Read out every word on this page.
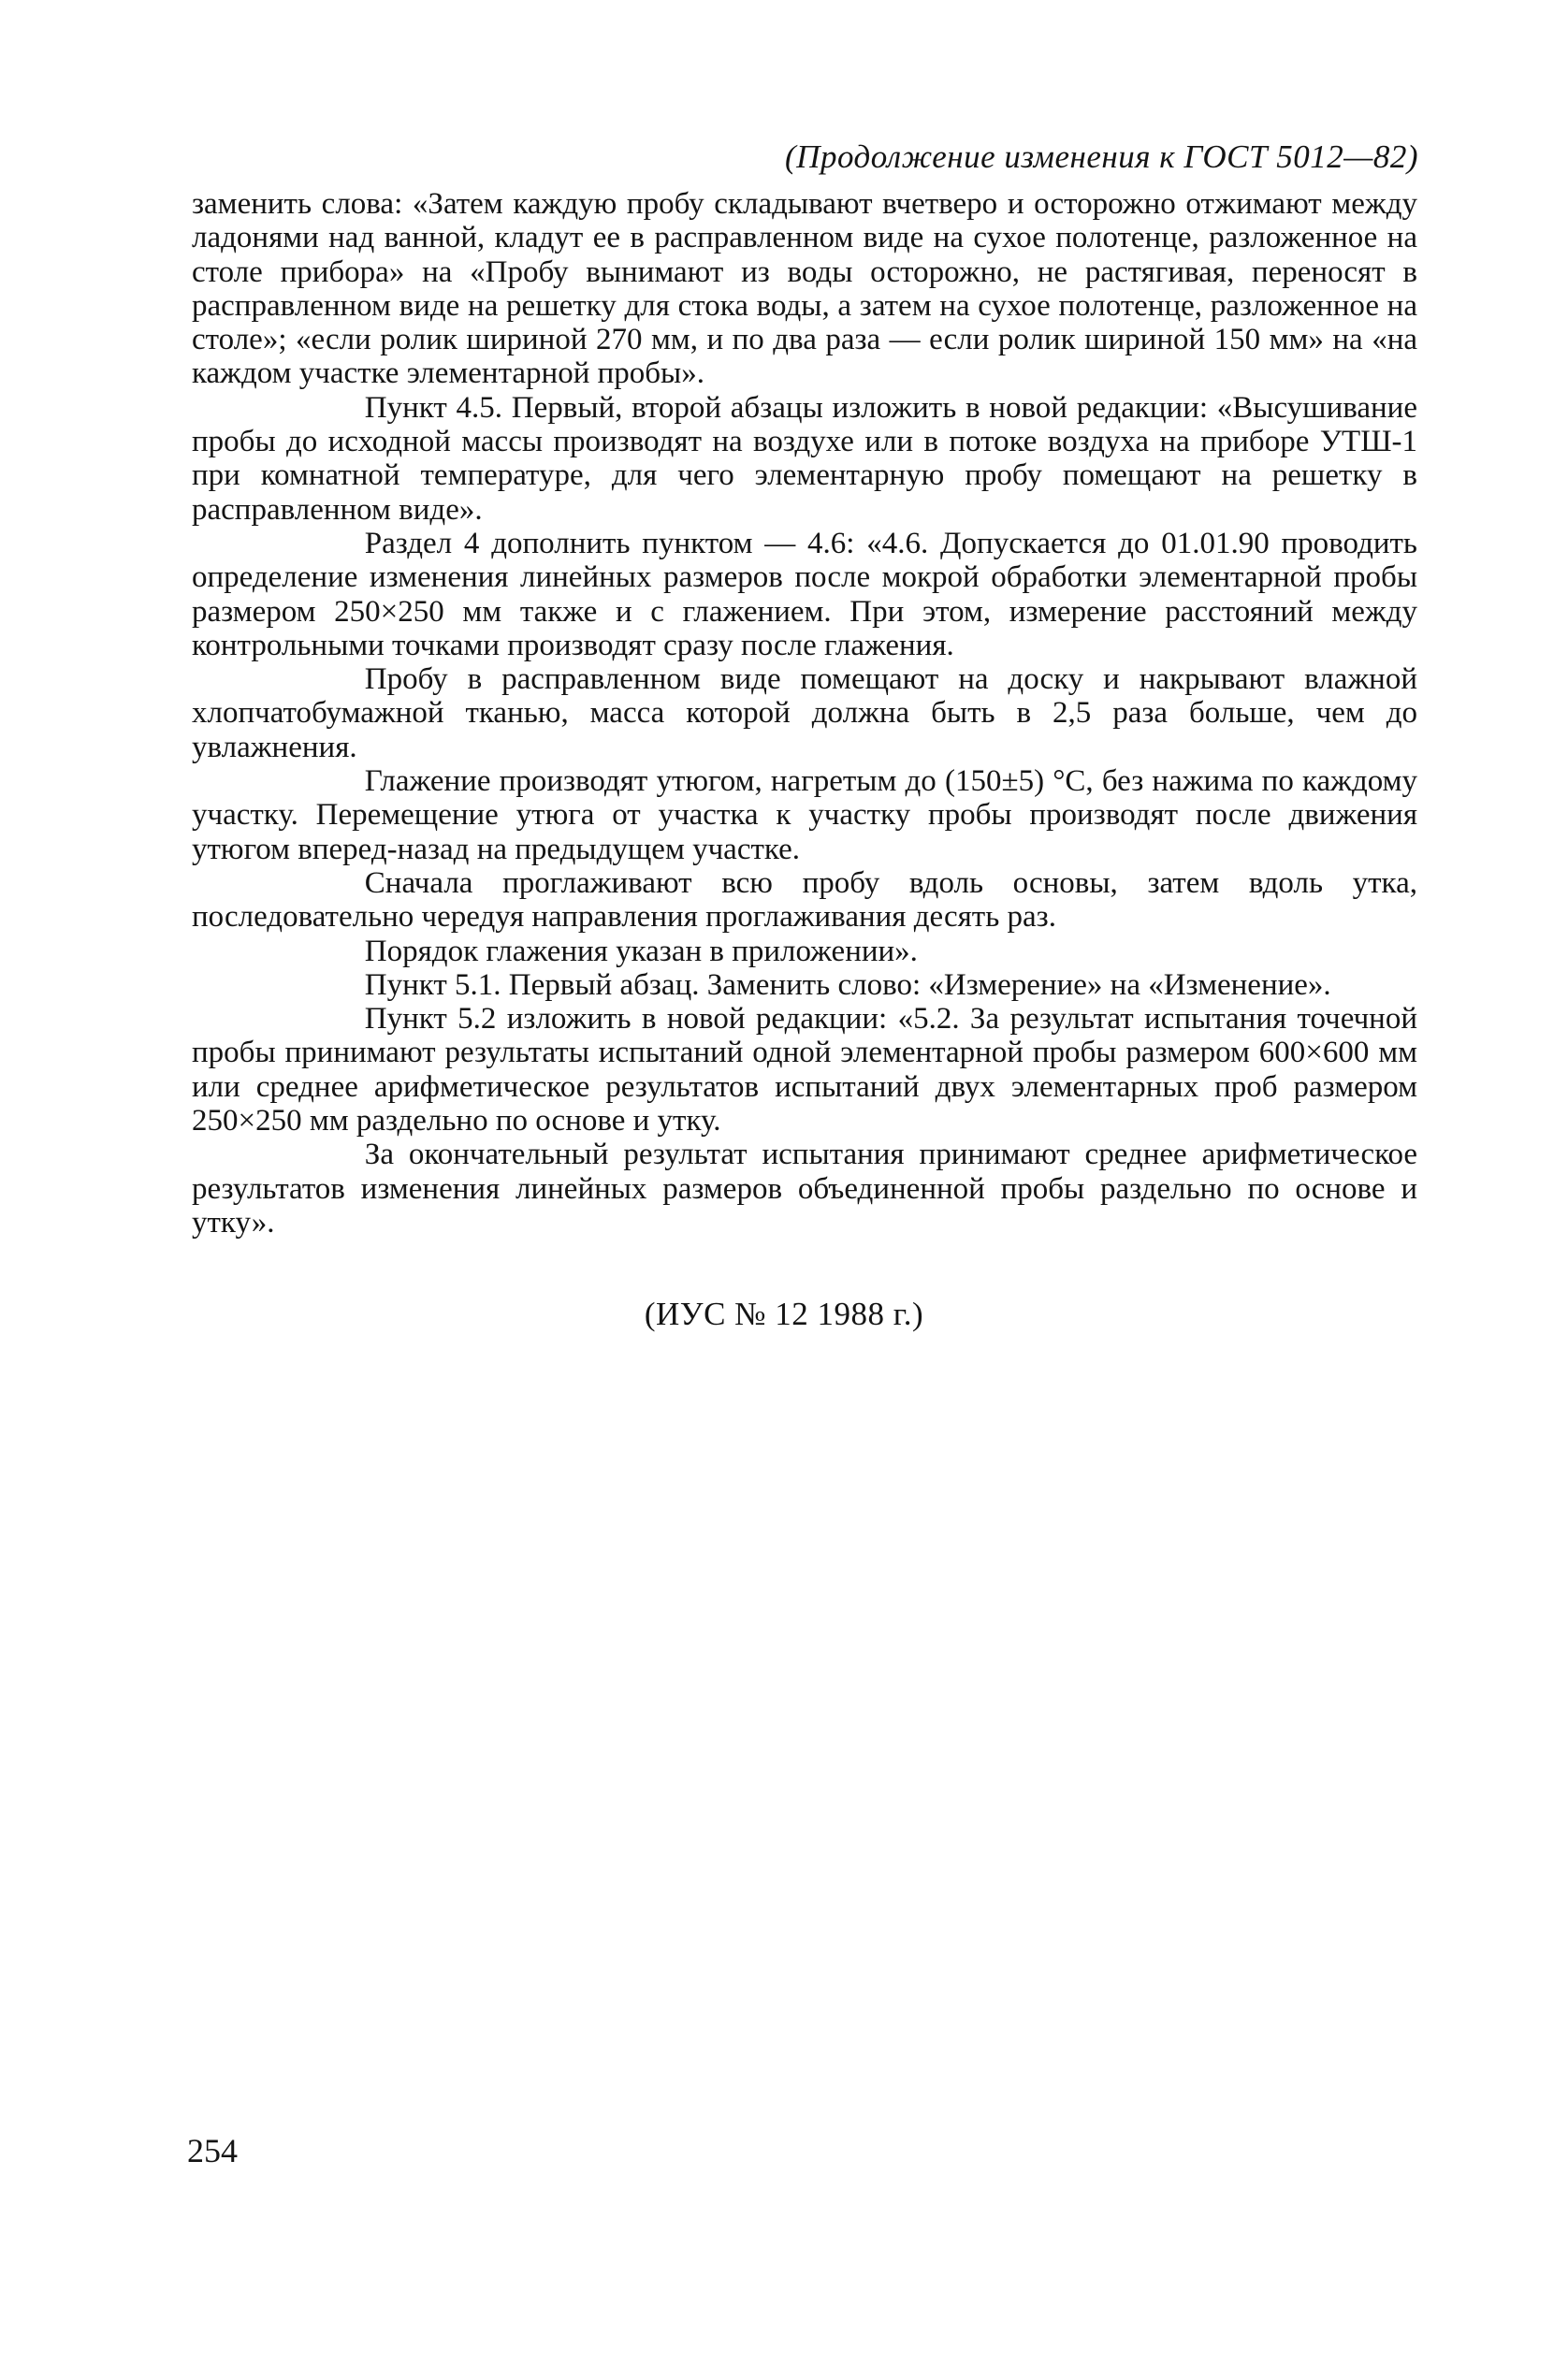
(Продолжение изменения к ГОСТ 5012—82)

заменить слова: «Затем каждую пробу складывают вчетверо и осторожно отжимают между ладонями над ванной, кладут ее в расправленном виде на сухое полотенце, разложенное на столе прибора» на «Пробу вынимают из воды осторожно, не растягивая, переносят в расправленном виде на решетку для стока воды, а затем на сухое полотенце, разложенное на столе»; «если ролик шириной 270 мм, и по два раза — если ролик шириной 150 мм» на «на каждом участке элементарной пробы».

Пункт 4.5. Первый, второй абзацы изложить в новой редакции: «Высушивание пробы до исходной массы производят на воздухе или в потоке воздуха на приборе УТШ-1 при комнатной температуре, для чего элементарную пробу помещают на решетку в расправленном виде».

Раздел 4 дополнить пунктом — 4.6: «4.6. Допускается до 01.01.90 проводить определение изменения линейных размеров после мокрой обработки элементарной пробы размером 250×250 мм также и с глажением. При этом, измерение расстояний между контрольными точками производят сразу после глажения.

Пробу в расправленном виде помещают на доску и накрывают влажной хлопчатобумажной тканью, масса которой должна быть в 2,5 раза больше, чем до увлажнения.

Глажение производят утюгом, нагретым до (150±5) °С, без нажима по каждому участку. Перемещение утюга от участка к участку пробы производят после движения утюгом вперед-назад на предыдущем участке.

Сначала проглаживают всю пробу вдоль основы, затем вдоль утка, последовательно чередуя направления проглаживания десять раз.

Порядок глажения указан в приложении».

Пункт 5.1. Первый абзац. Заменить слово: «Измерение» на «Изменение».

Пункт 5.2 изложить в новой редакции: «5.2. За результат испытания точечной пробы принимают результаты испытаний одной элементарной пробы размером 600×600 мм или среднее арифметическое результатов испытаний двух элементарных проб размером 250×250 мм раздельно по основе и утку.

За окончательный результат испытания принимают среднее арифметическое результатов изменения линейных размеров объединенной пробы раздельно по основе и утку».

(ИУС № 12 1988 г.)
254
